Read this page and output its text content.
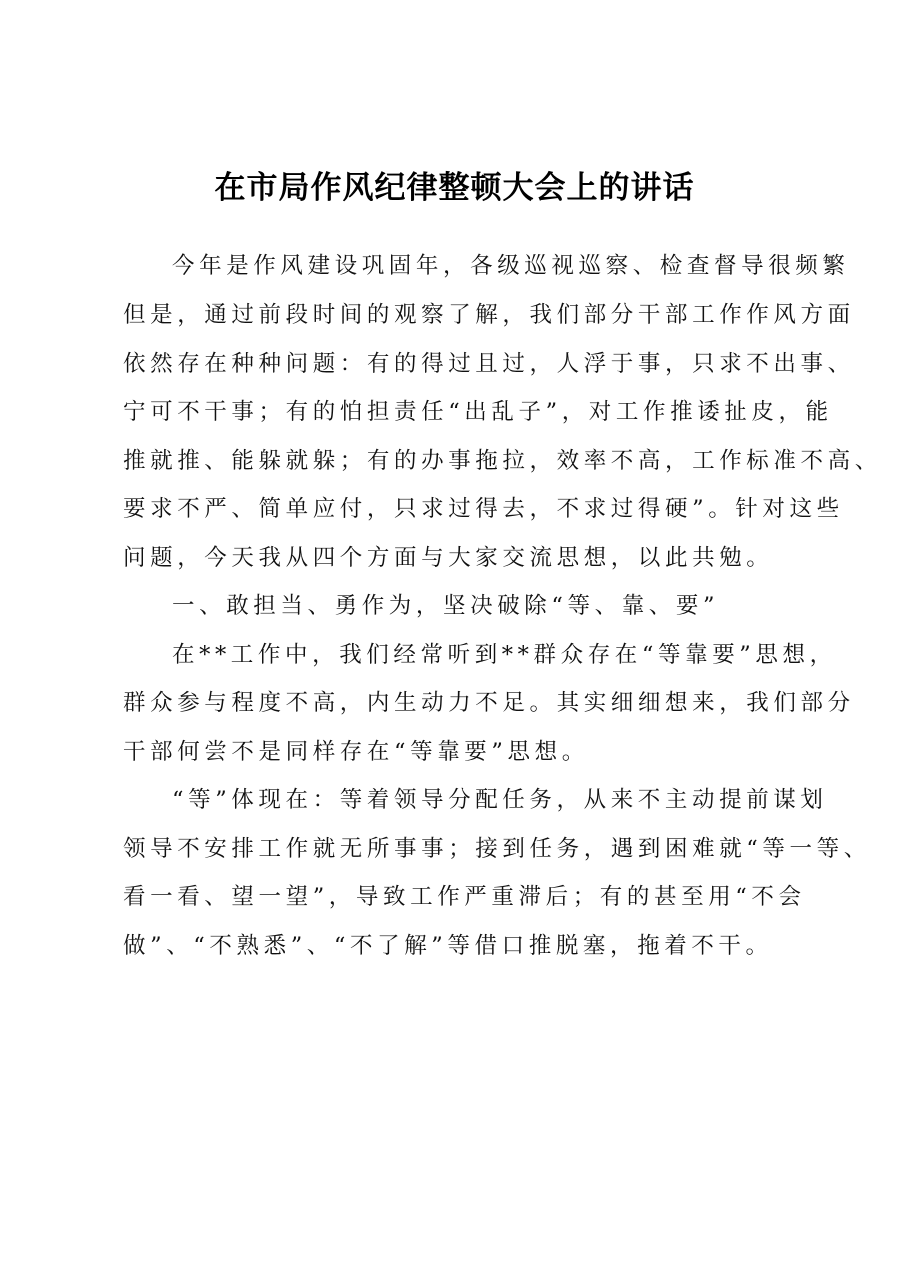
在市局作风纪律整顿大会上的讲话
今年是作风建设巩固年，各级巡视巡察、检查督导很频繁
但是，通过前段时间的观察了解，我们部分干部工作作风方面
依然存在种种问题：有的得过且过，人浮于事，只求不出事、
宁可不干事；有的怕担责任“出乱子”，对工作推诿扯皮，能
推就推、能躲就躲；有的办事拖拉，效率不高，工作标准不高、
要求不严、简单应付，只求过得去，不求过得硬”。针对这些
问题，今天我从四个方面与大家交流思想，以此共勉。
一、敢担当、勇作为，坚决破除“等、靠、要”
在**工作中，我们经常听到**群众存在“等靠要”思想，
群众参与程度不高，内生动力不足。其实细细想来，我们部分
干部何尝不是同样存在“等靠要”思想。
“等”体现在：等着领导分配任务，从来不主动提前谋划
领导不安排工作就无所事事；接到任务，遇到困难就“等一等、
看一看、望一望”，导致工作严重滞后；有的甚至用“不会
做”、“不熟悉”、“不了解”等借口推脱塞，拖着不干。
